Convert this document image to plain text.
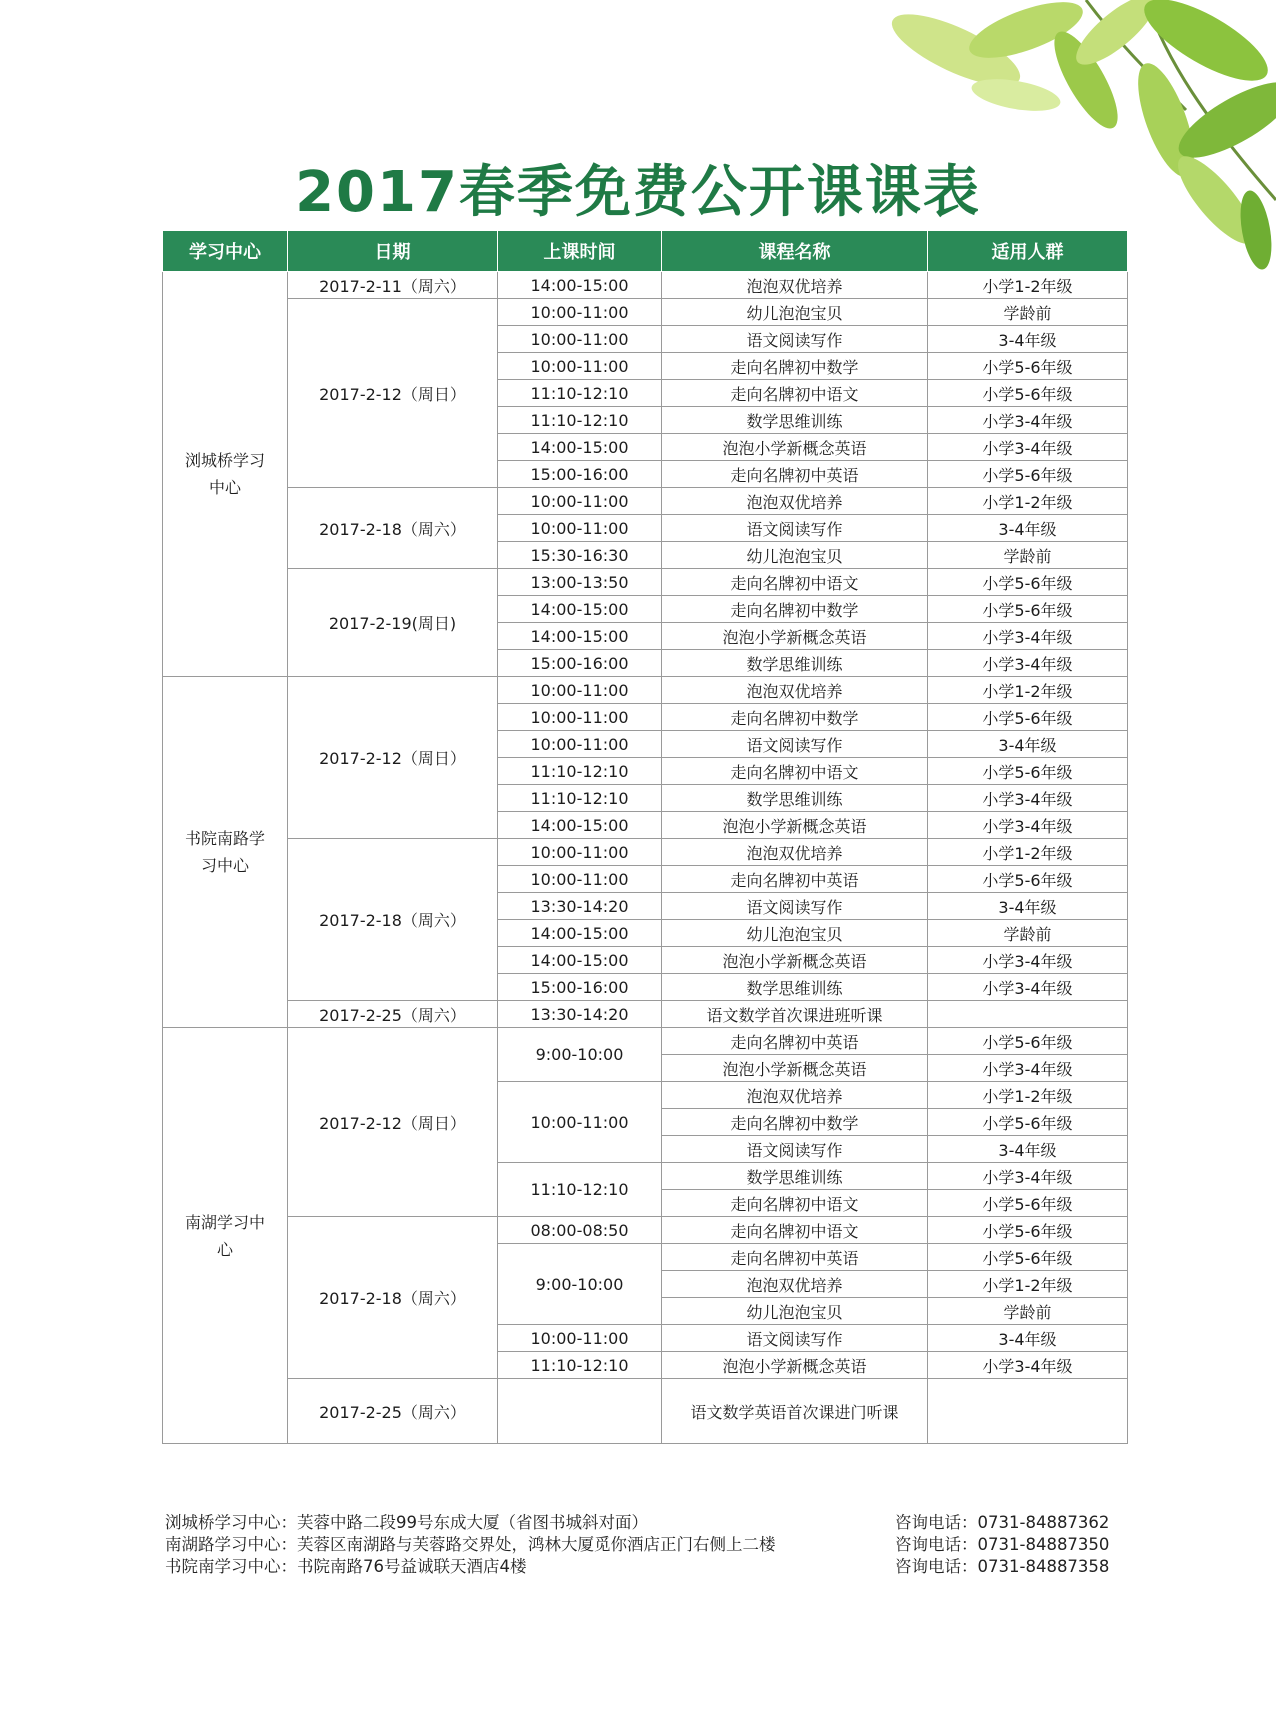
2017春季免费公开课课表
学习中心	日期	上课时间	课程名称	适用人群
浏城桥学习中心	2017-2-11（周六）	14:00-15:00	泡泡双优培养	小学1-2年级
	2017-2-12（周日）	10:00-11:00	幼儿泡泡宝贝	学龄前
		10:00-11:00	语文阅读写作	3-4年级
		10:00-11:00	走向名牌初中数学	小学5-6年级
		11:10-12:10	走向名牌初中语文	小学5-6年级
		11:10-12:10	数学思维训练	小学3-4年级
		14:00-15:00	泡泡小学新概念英语	小学3-4年级
		15:00-16:00	走向名牌初中英语	小学5-6年级
	2017-2-18（周六）	10:00-11:00	泡泡双优培养	小学1-2年级
		10:00-11:00	语文阅读写作	3-4年级
		15:30-16:30	幼儿泡泡宝贝	学龄前
	2017-2-19(周日)	13:00-13:50	走向名牌初中语文	小学5-6年级
		14:00-15:00	走向名牌初中数学	小学5-6年级
		14:00-15:00	泡泡小学新概念英语	小学3-4年级
		15:00-16:00	数学思维训练	小学3-4年级
书院南路学习中心	2017-2-12（周日）	10:00-11:00	泡泡双优培养	小学1-2年级
		10:00-11:00	走向名牌初中数学	小学5-6年级
		10:00-11:00	语文阅读写作	3-4年级
		11:10-12:10	走向名牌初中语文	小学5-6年级
		11:10-12:10	数学思维训练	小学3-4年级
		14:00-15:00	泡泡小学新概念英语	小学3-4年级
	2017-2-18（周六）	10:00-11:00	泡泡双优培养	小学1-2年级
		10:00-11:00	走向名牌初中英语	小学5-6年级
		13:30-14:20	语文阅读写作	3-4年级
		14:00-15:00	幼儿泡泡宝贝	学龄前
		14:00-15:00	泡泡小学新概念英语	小学3-4年级
		15:00-16:00	数学思维训练	小学3-4年级
	2017-2-25（周六）	13:30-14:20	语文数学首次课进班听课	
南湖学习中心	2017-2-12（周日）	9:00-10:00	走向名牌初中英语	小学5-6年级
			泡泡小学新概念英语	小学3-4年级
		10:00-11:00	泡泡双优培养	小学1-2年级
			走向名牌初中数学	小学5-6年级
			语文阅读写作	3-4年级
		11:10-12:10	数学思维训练	小学3-4年级
			走向名牌初中语文	小学5-6年级
	2017-2-18（周六）	08:00-08:50	走向名牌初中语文	小学5-6年级
		9:00-10:00	走向名牌初中英语	小学5-6年级
			泡泡双优培养	小学1-2年级
			幼儿泡泡宝贝	学龄前
		10:00-11:00	语文阅读写作	3-4年级
		11:10-12:10	泡泡小学新概念英语	小学3-4年级
	2017-2-25（周六）		语文数学英语首次课进门听课	
浏城桥学习中心：芙蓉中路二段99号东成大厦（省图书城斜对面）	咨询电话：0731-84887362
南湖路学习中心：芙蓉区南湖路与芙蓉路交界处，鸿林大厦觅你酒店正门右侧上二楼	咨询电话：0731-84887350
书院南学习中心：书院南路76号益诚联天酒店4楼	咨询电话：0731-84887358
